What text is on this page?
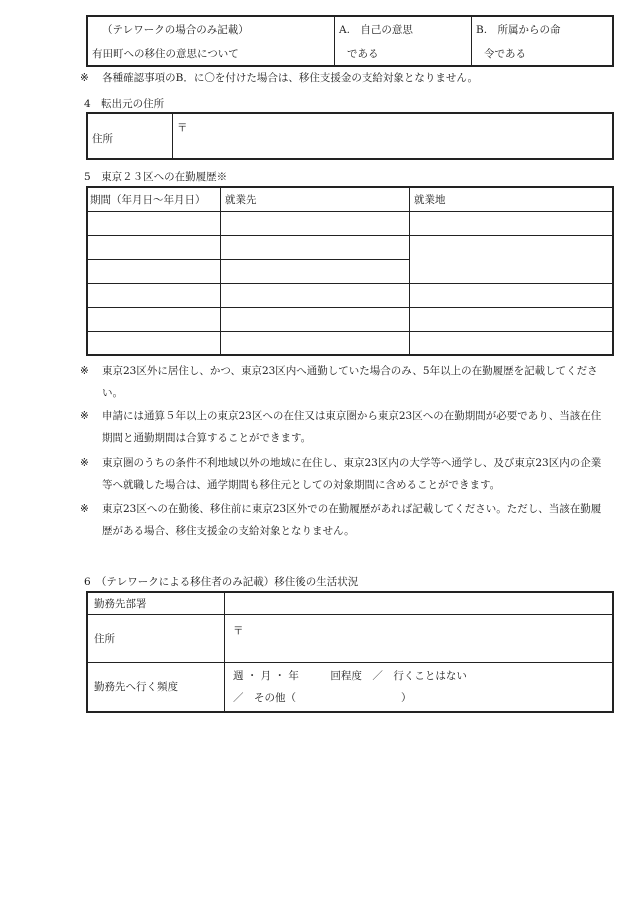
（テレワークの場合のみ記載）	A.　自己の意思		B.　所属からの命	
有田町への移住の意思について	である		令である	
※ 各種確認事項のB．に〇を付けた場合は、移住支援金の支給対象となりません。
4　転出元の住所
住所	〒
5　東京２３区への在勤履歴※
期間（年月日～年月日）	就業先	就業地

※	東京23区外に居住し、かつ、東京23区内へ通勤していた場合のみ、5年以上の在勤履歴を記載してください。
※	申請には通算５年以上の東京23区への在住又は東京圏から東京23区への在勤期間が必要であり、当該在住期間と通勤期間は合算することができます。
※	東京圏のうちの条件不利地域以外の地域に在住し、東京23区内の大学等へ通学し、及び東京23区内の企業等へ就職した場合は、通学期間も移住元としての対象期間に含めることができます。
※	東京23区への在勤後、移住前に東京23区外での在勤履歴があれば記載してください。ただし、当該在勤履歴がある場合、移住支援金の支給対象となりません。
6　（テレワークによる移住者のみ記載）移住後の生活状況
勤務先部署	
住所	〒
勤務先へ行く頻度	週 ・ 月 ・ 年　　　回程度　／　行くことはない
／　その他（　　　　　　　　　　）
